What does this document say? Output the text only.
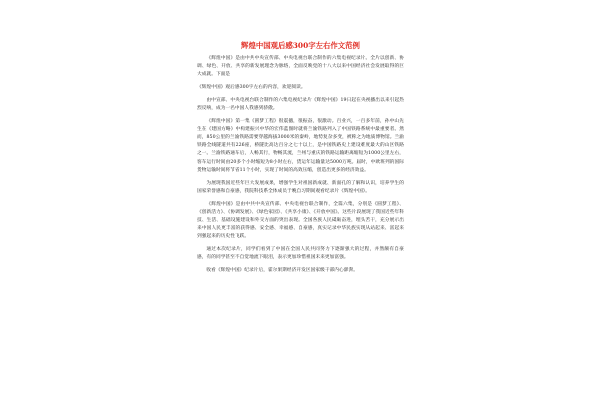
辉煌中国观后感300字左右作文范例

《辉煌中国》是由中共中央宣传部、中央电视台联合制作的六集电视纪录片。全片以创新、协调、绿色、开放、共享的新发展理念为脉络，全面反映党的十八大以来中国经济社会发展取得的巨大成就。下面是

《辉煌中国》观后感300字左右的内容，欢迎阅读。

由中宣部、中央电视台联合制作的六集电视纪录片《辉煌中国》19日起在央视播出以来引起热烈反响，成为一名中国人我感到骄傲。

《辉煌中国》第一集《圆梦工程》很震撼，很振奋，很激动。百业兴，一百多年前，孙中山先生在《建国方略》中构建振兴中华的宏伟蓝图时就将兰渝铁路列入了中国铁路系统中最重要者。然而，850公里的兰渝铁路需要穿越海拔3000米的秦岭，地势复杂多变，被称之为地质博物馆。兰渝铁路全线隧道共有226座，桥隧比高达百分之七十以上，是中国铁路史上建设难度最大的山区铁路之一。兰渝铁路通车后，人畅其行，物畅其流，兰州与重庆的铁路运输距离缩短为1000公里左右，客车运行时间由20多个小时缩短为8小时左右，货运年运输量达5000万吨。届时，中欧班列的国际货物运输时间将节省11个小时，实现了时间的高效压缩，创造出更多的经济效益。

为展现我国近些年巨大发展成果，增强学生对祖国新成就、新面孔的了解和认识，培养学生的国家荣誉感和自豪感，我院科技系全体成员于晚自习期间观看纪录片《辉煌中国》。

《辉煌中国》是由中共中央宣传部、中央电视台联合制作，全篇六集，分别是《圆梦工程》、《创新活力》、《协调发展》、《绿色家园》、《共享小康》、《开放中国》。这些片段展现了我国近些年科技、生活、基础设施建设和外交方面的突出表现。全国各族人民砥砺奋进，埋头苦干，充分展示出来中国人民更丰富的获得感、安全感、幸福感、自豪感，真实记录中华民族实现从站起来、富起来到强起来的历史性飞跃。

通过本次纪录片，同学们看到了中国在全国人民共同努力下逐渐强大的过程，并然颇有自豪感，有的同学甚至不自觉地流下眼泪，表示更加珍惜祖国未来更加富强。

收看《辉煌中国》纪录片后，霍尔果斯经济开发区国家级干部内心澎湃。
